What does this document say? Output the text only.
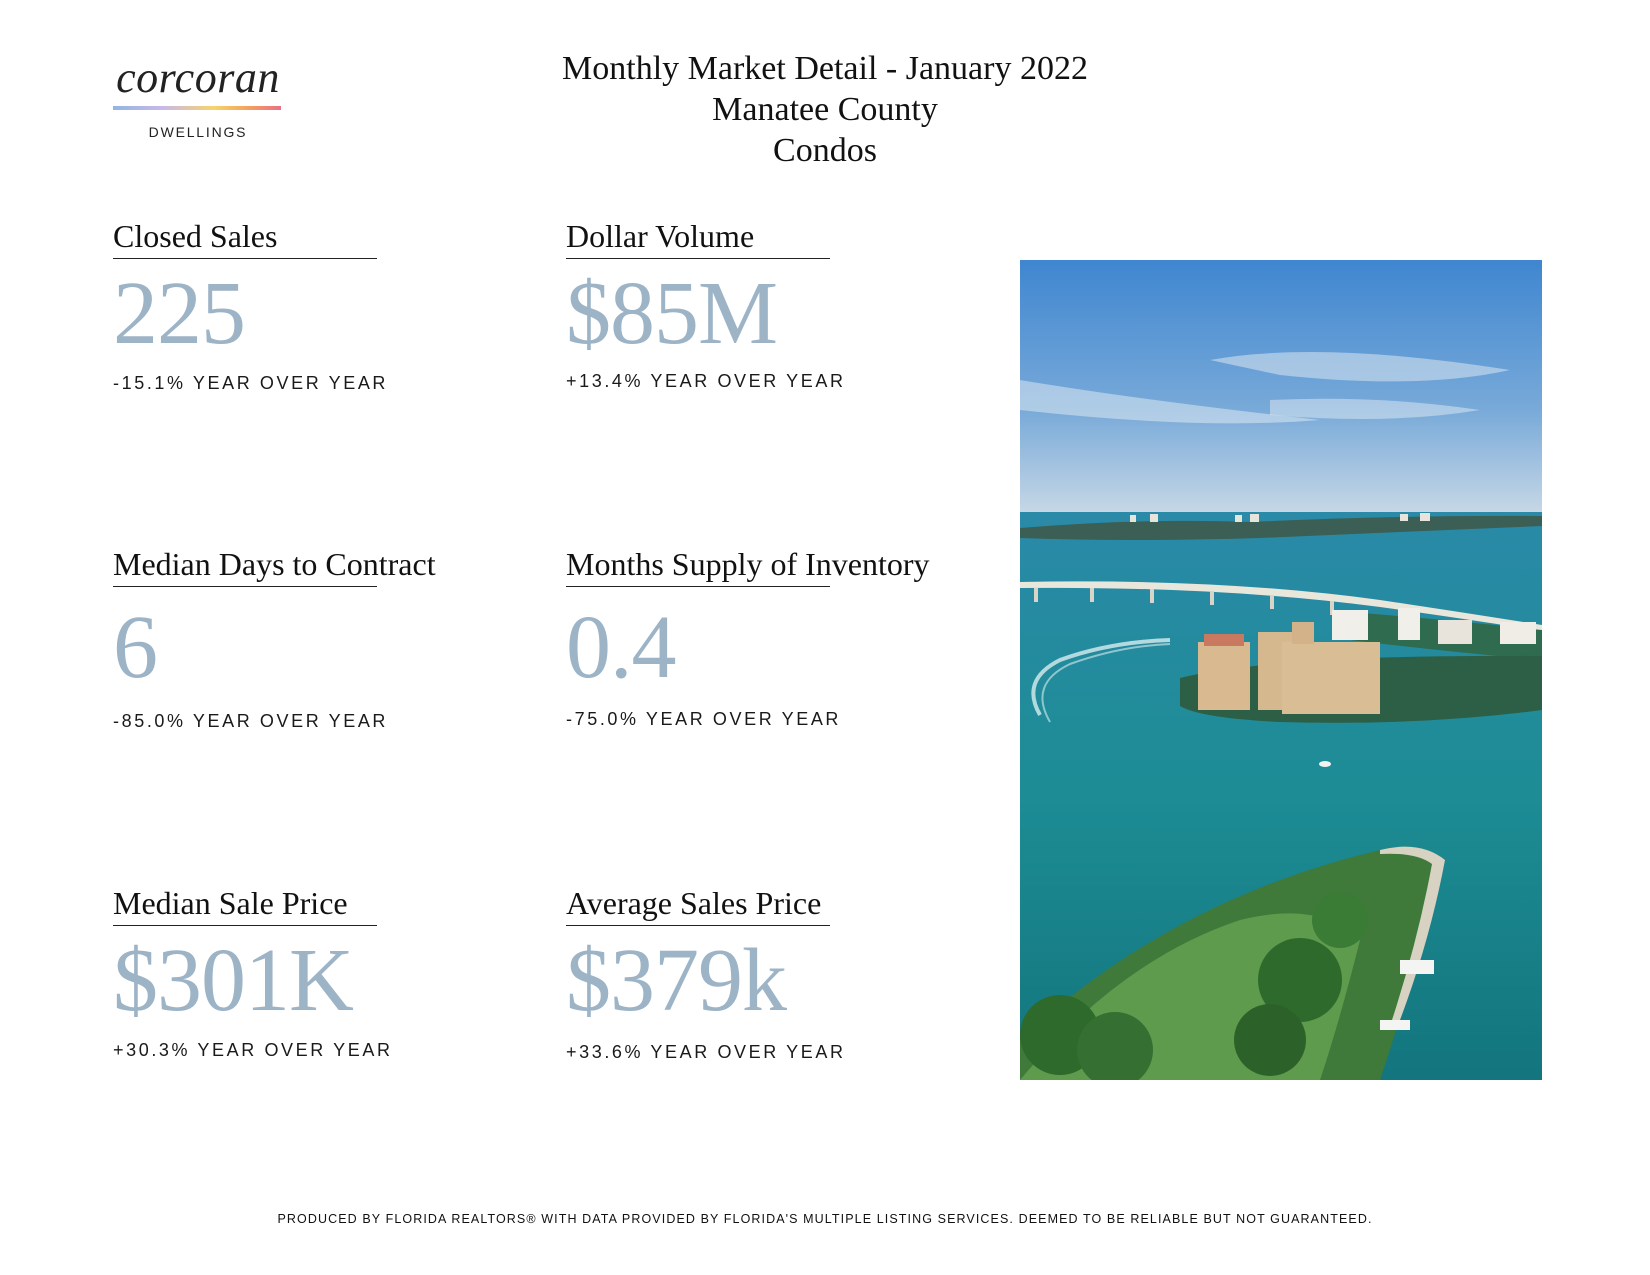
corcoran
DWELLINGS
Monthly Market Detail - January 2022
Manatee County
Condos
Closed Sales
225
-15.1% YEAR OVER YEAR
Dollar Volume
$85M
+13.4% YEAR OVER YEAR
Median Days to Contract
6
-85.0% YEAR OVER YEAR
Months Supply of Inventory
0.4
-75.0% YEAR OVER YEAR
Median Sale Price
$301K
+30.3% YEAR OVER YEAR
Average Sales Price
$379k
+33.6% YEAR OVER YEAR
PRODUCED BY FLORIDA REALTORS® WITH DATA PROVIDED BY FLORIDA'S MULTIPLE LISTING SERVICES. DEEMED TO BE RELIABLE BUT NOT GUARANTEED.
